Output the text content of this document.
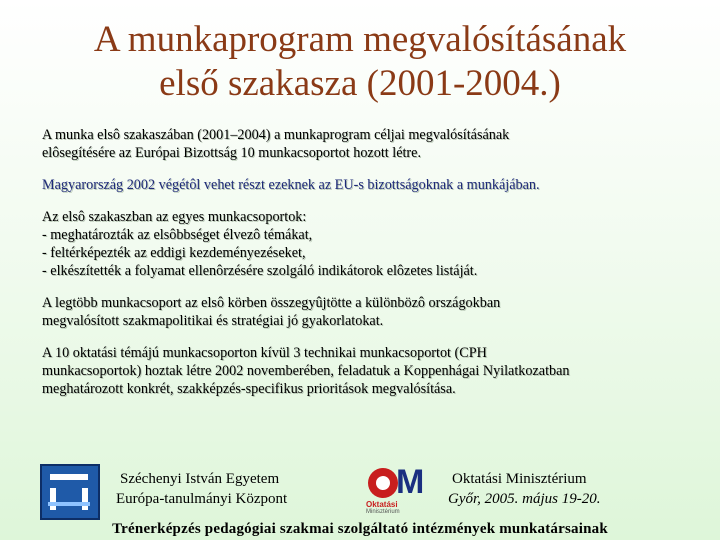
A munkaprogram megvalósításának
első szakasza (2001-2004.)

A munka elsô szakaszában (2001–2004) a munkaprogram céljai megvalósításának
elôsegítésére az Európai Bizottság 10 munkacsoportot hozott létre.

Magyarország 2002 végétôl vehet részt ezeknek az EU-s bizottságoknak a munkájában.

Az elsô szakaszban az egyes munkacsoportok:
- meghatározták az elsôbbséget élvezô témákat,
- feltérképezték az eddigi kezdeményezéseket,
- elkészítették a folyamat ellenôrzésére szolgáló indikátorok elôzetes listáját.

A legtöbb munkacsoport az elsô körben összegyûjtötte a különbözô országokban
megvalósított szakmapolitikai és stratégiai jó gyakorlatokat.

A 10 oktatási témájú munkacsoporton kívül 3 technikai munkacsoportot (CPH
munkacsoportok) hoztak létre 2002 novemberében, feladatuk a Koppenhágai Nyilatkozatban
meghatározott konkrét, szakképzés-specifikus prioritások megvalósítása.

Széchenyi István Egyetem
Európa-tanulmányi Központ	M
Oktatási
Minisztérium
Oktatási Minisztérium
Győr, 2005. május 19-20.
Trénerképzés pedagógiai szakmai szolgáltató intézmények munkatársainak
